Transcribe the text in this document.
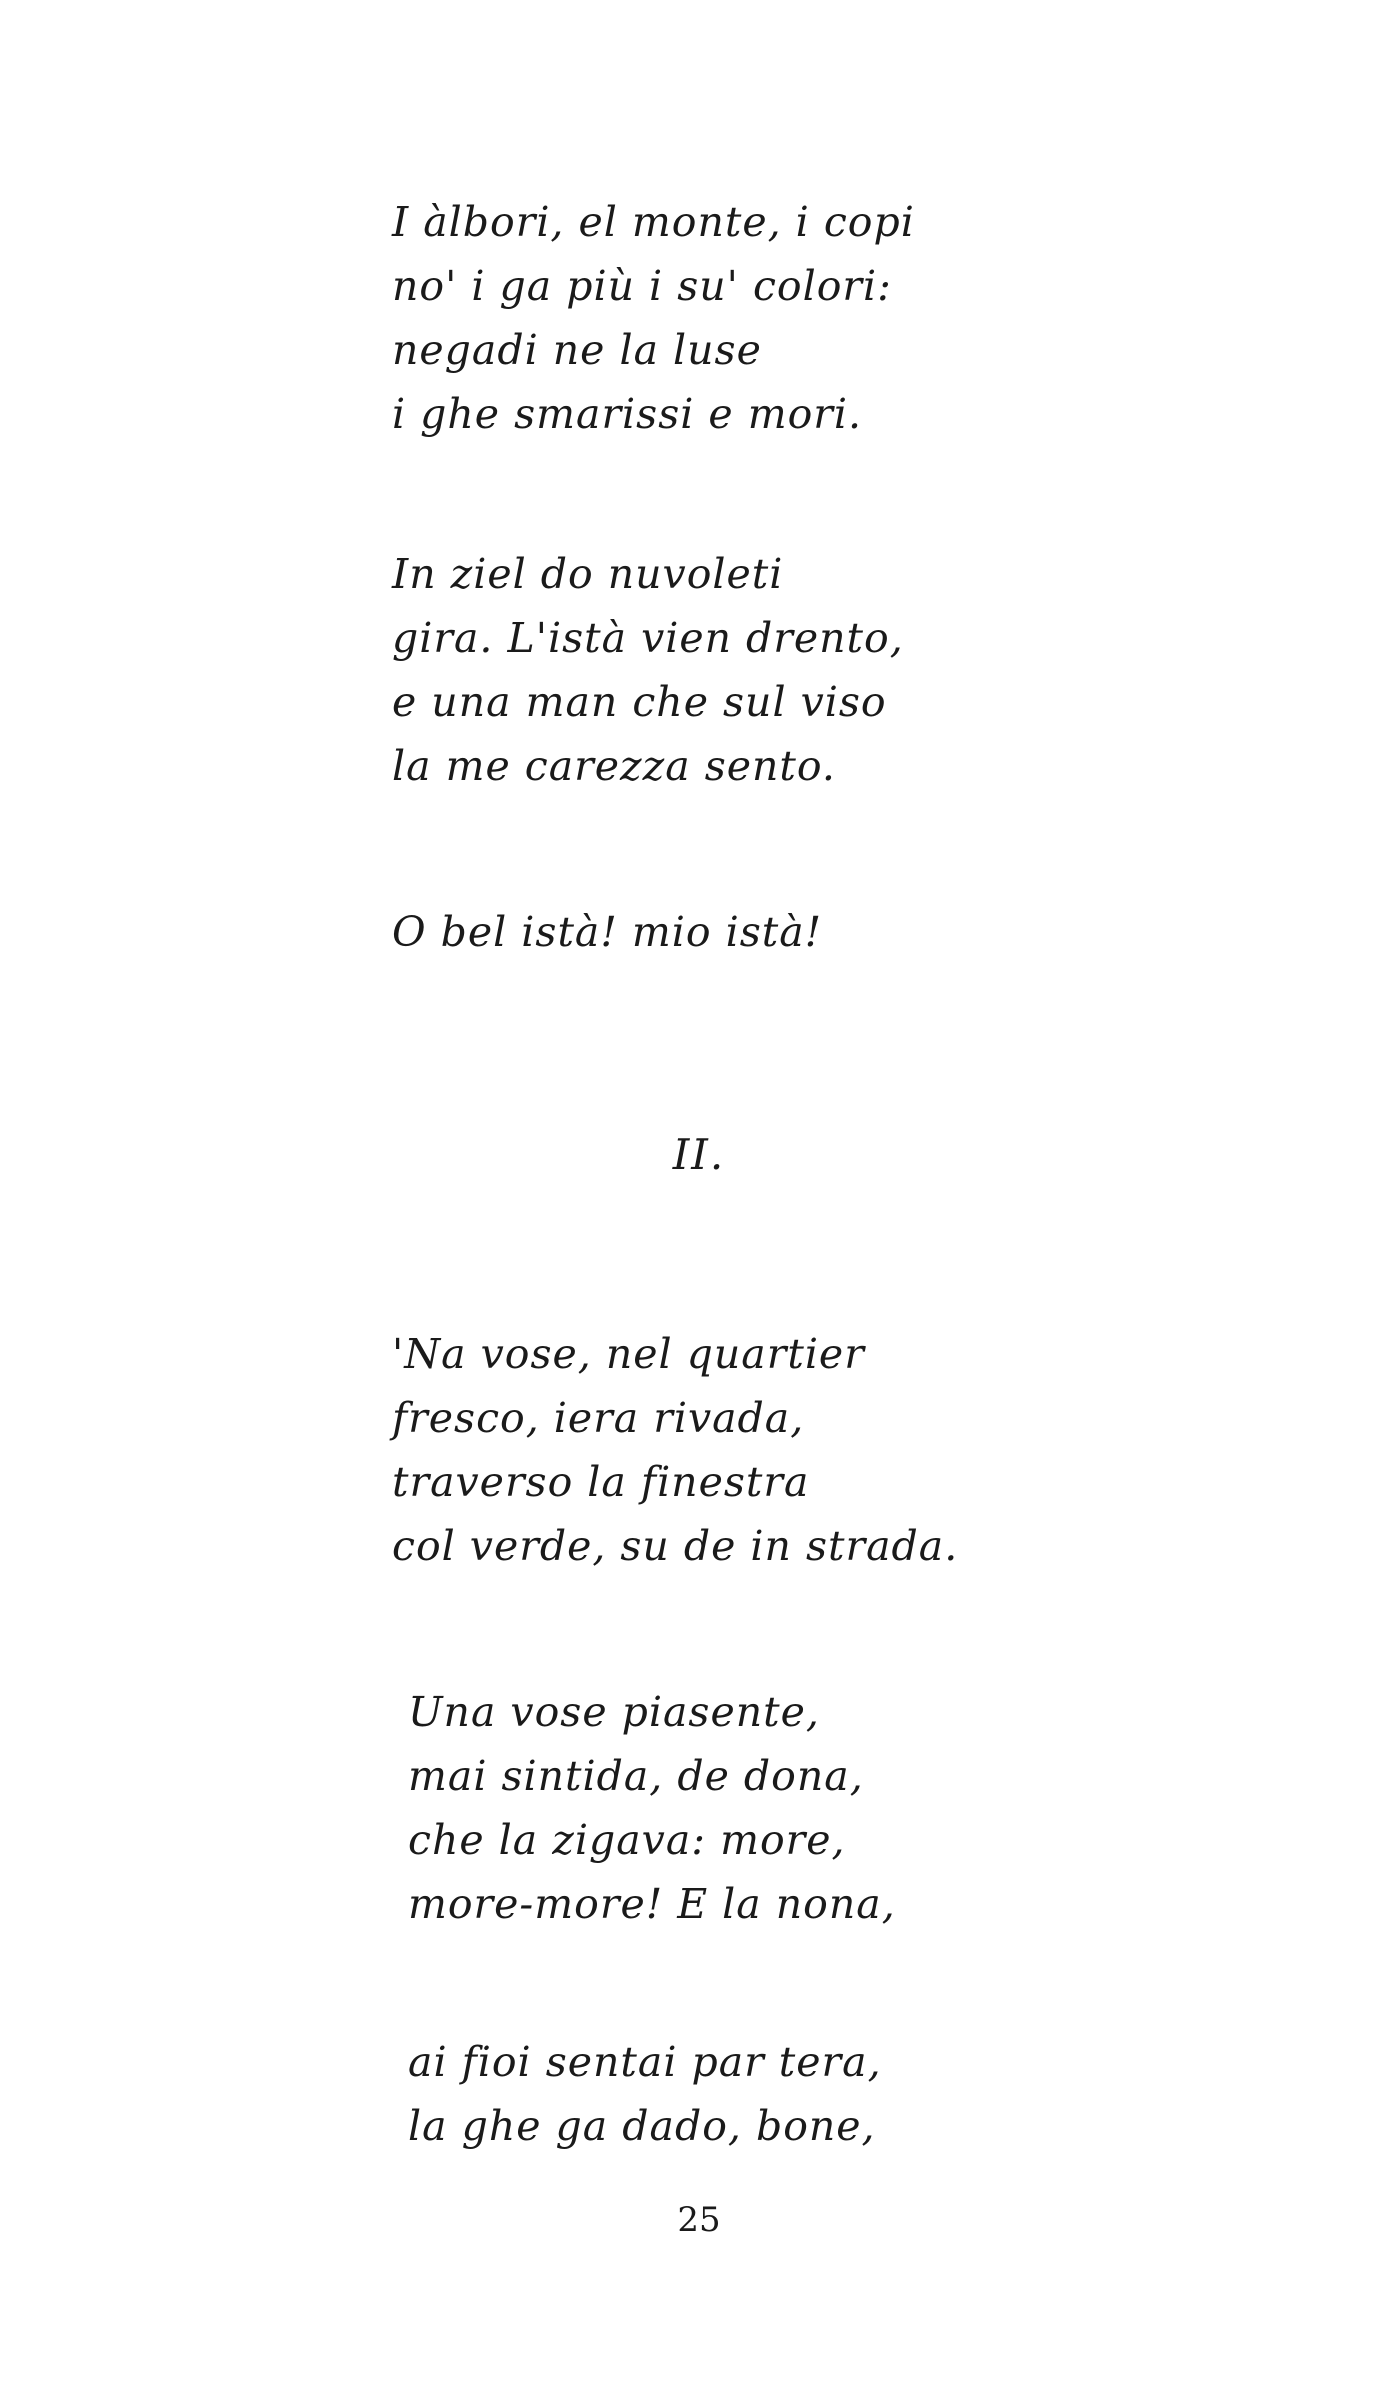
I àlbori, el monte, i copi
no' i ga più i su' colori:
negadi ne la luse
i ghe smarissi e mori.
In ziel do nuvoleti
gira. L'istà vien drento,
e una man che sul viso
la me carezza sento.
O bel istà! mio istà!

II.

'Na vose, nel quartier
fresco, iera rivada,
traverso la finestra
col verde, su de in strada.
Una vose piasente,
mai sintida, de dona,
che la zigava: more,
more-more! E la nona,
ai fioi sentai par tera,
la ghe ga dado, bone,

25
